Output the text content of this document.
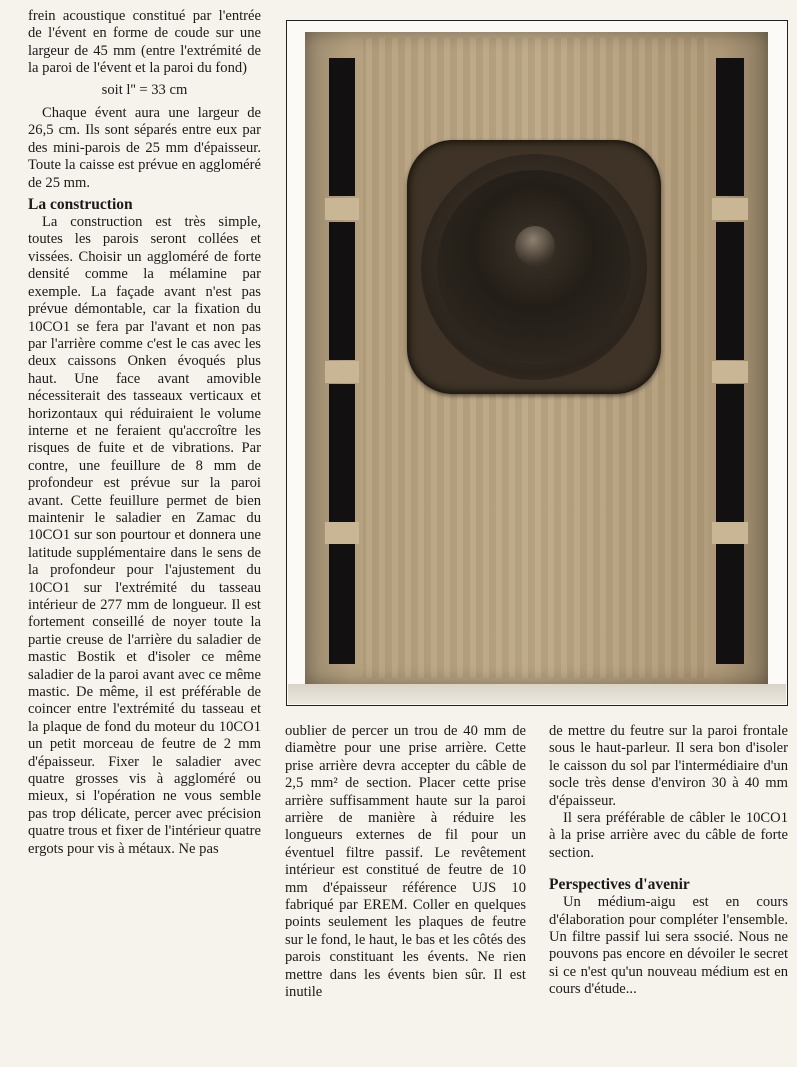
frein acoustique constitué par l'entrée de l'évent en forme de coude sur une largeur de 45 mm (entre l'extrémité de la paroi de l'évent et la paroi du fond)

soit l'' = 33 cm

Chaque évent aura une largeur de 26,5 cm. Ils sont séparés entre eux par des mini-parois de 25 mm d'épaisseur. Toute la caisse est prévue en aggloméré de 25 mm.

La construction

La construction est très simple, toutes les parois seront collées et vissées. Choisir un aggloméré de forte densité comme la mélamine par exemple. La façade avant n'est pas prévue démontable, car la fixation du 10CO1 se fera par l'avant et non pas par l'arrière comme c'est le cas avec les deux caissons Onken évoqués plus haut. Une face avant amovible nécessiterait des tasseaux verticaux et horizontaux qui réduiraient le volume interne et ne feraient qu'accroître les risques de fuite et de vibrations. Par contre, une feuillure de 8 mm de profondeur est prévue sur la paroi avant. Cette feuillure permet de bien maintenir le saladier en Zamac du 10CO1 sur son pourtour et donnera une latitude supplémentaire dans le sens de la profondeur pour l'ajustement du 10CO1 sur l'extrémité du tasseau intérieur de 277 mm de longueur. Il est fortement conseillé de noyer toute la partie creuse de l'arrière du saladier de mastic Bostik et d'isoler ce même saladier de la paroi avant avec ce même mastic. De même, il est préférable de coincer entre l'extrémité du tasseau et la plaque de fond du moteur du 10CO1 un petit morceau de feutre de 2 mm d'épaisseur. Fixer le saladier avec quatre grosses vis à aggloméré ou mieux, si l'opération ne vous semble pas trop délicate, percer avec précision quatre trous et fixer de l'intérieur quatre ergots pour vis à métaux. Ne pas

oublier de percer un trou de 40 mm de diamètre pour une prise arrière. Cette prise arrière devra accepter du câble de 2,5 mm² de section. Placer cette prise arrière suffisamment haute sur la paroi arrière de manière à réduire les longueurs externes de fil pour un éventuel filtre passif. Le revêtement intérieur est constitué de feutre de 10 mm d'épaisseur référence UJS 10 fabriqué par EREM. Coller en quelques points seulement les plaques de feutre sur le fond, le haut, le bas et les côtés des parois constituant les évents. Ne rien mettre dans les évents bien sûr. Il est inutile

de mettre du feutre sur la paroi frontale sous le haut-parleur. Il sera bon d'isoler le caisson du sol par l'intermédiaire d'un socle très dense d'environ 30 à 40 mm d'épaisseur.

Il sera préférable de câbler le 10CO1 à la prise arrière avec du câble de forte section.

Perspectives d'avenir

Un médium-aigu est en cours d'élaboration pour compléter l'ensemble. Un filtre passif lui sera ssocié. Nous ne pouvons pas encore en dévoiler le secret si ce n'est qu'un nouveau médium est en cours d'étude...
